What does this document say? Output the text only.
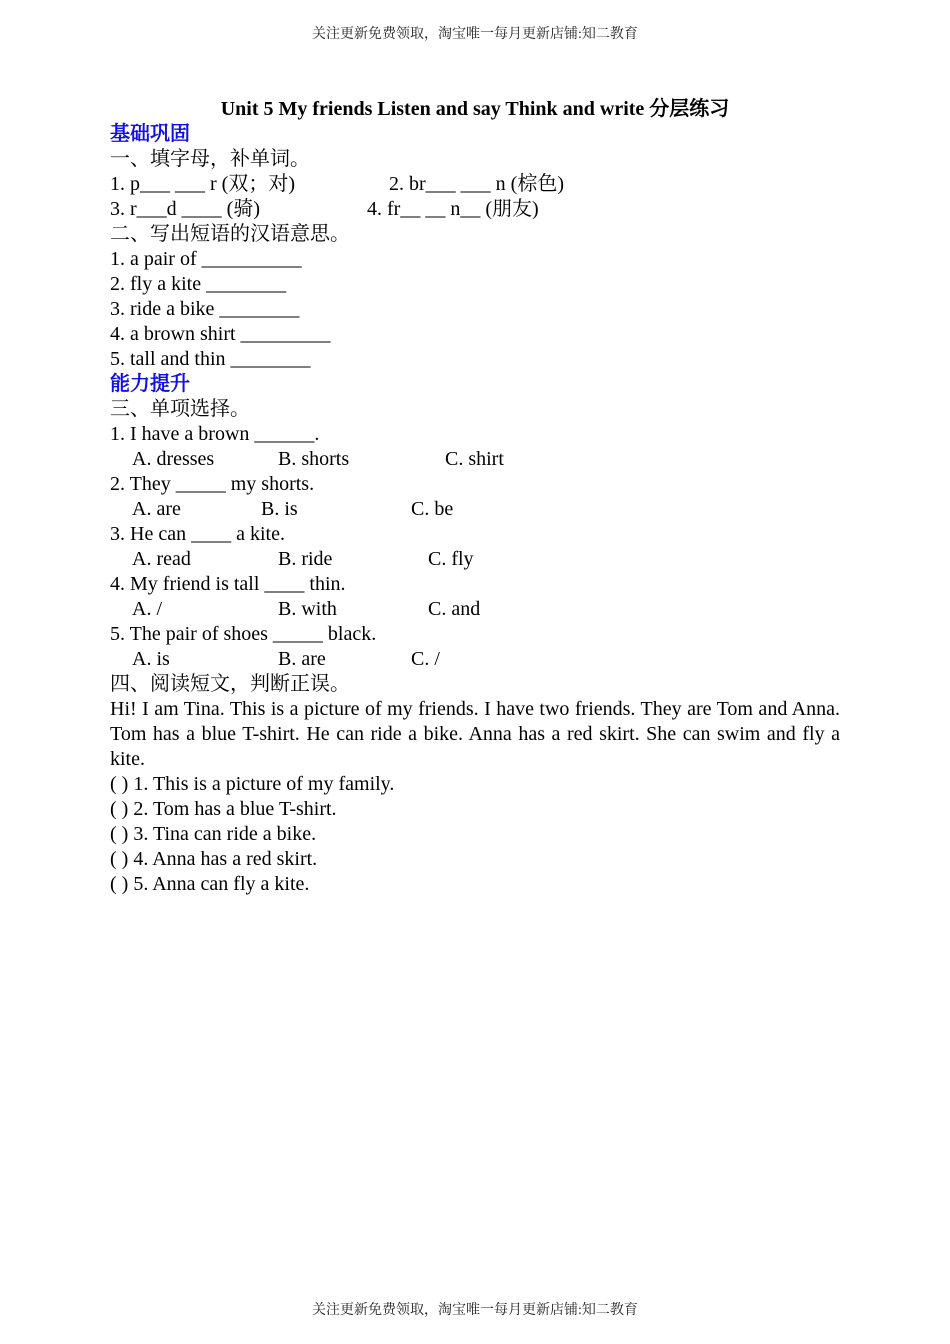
关注更新免费领取，淘宝唯一每月更新店铺:知二教育
Unit 5 My friends Listen and say Think and write 分层练习
基础巩固
一、填字母，补单词。
1. p___ ___ r (双；对)	2. br___ ___ n (棕色)
3. r___d ____ (骑)	4. fr__ __ n__ (朋友)
二、写出短语的汉语意思。
1. a pair of __________
2. fly a kite ________
3. ride a bike ________
4. a brown shirt _________
5. tall and thin ________
能力提升
三、单项选择。
1. I have a brown ______.
A. dresses	B. shorts	C. shirt
2. They _____ my shorts.
A. are	B. is	C. be
3. He can ____ a kite.
A. read	B. ride	C. fly
4. My friend is tall ____ thin.
A. /	B. with	C. and
5. The pair of shoes _____ black.
A. is	B. are	C. /
四、阅读短文，判断正误。
Hi! I am Tina. This is a picture of my friends. I have two friends. They are Tom and Anna. Tom has a blue T-shirt. He can ride a bike. Anna has a red skirt. She can swim and fly a kite.
( ) 1. This is a picture of my family.
( ) 2. Tom has a blue T-shirt.
( ) 3. Tina can ride a bike.
( ) 4. Anna has a red skirt.
( ) 5. Anna can fly a kite.
关注更新免费领取，淘宝唯一每月更新店铺:知二教育
